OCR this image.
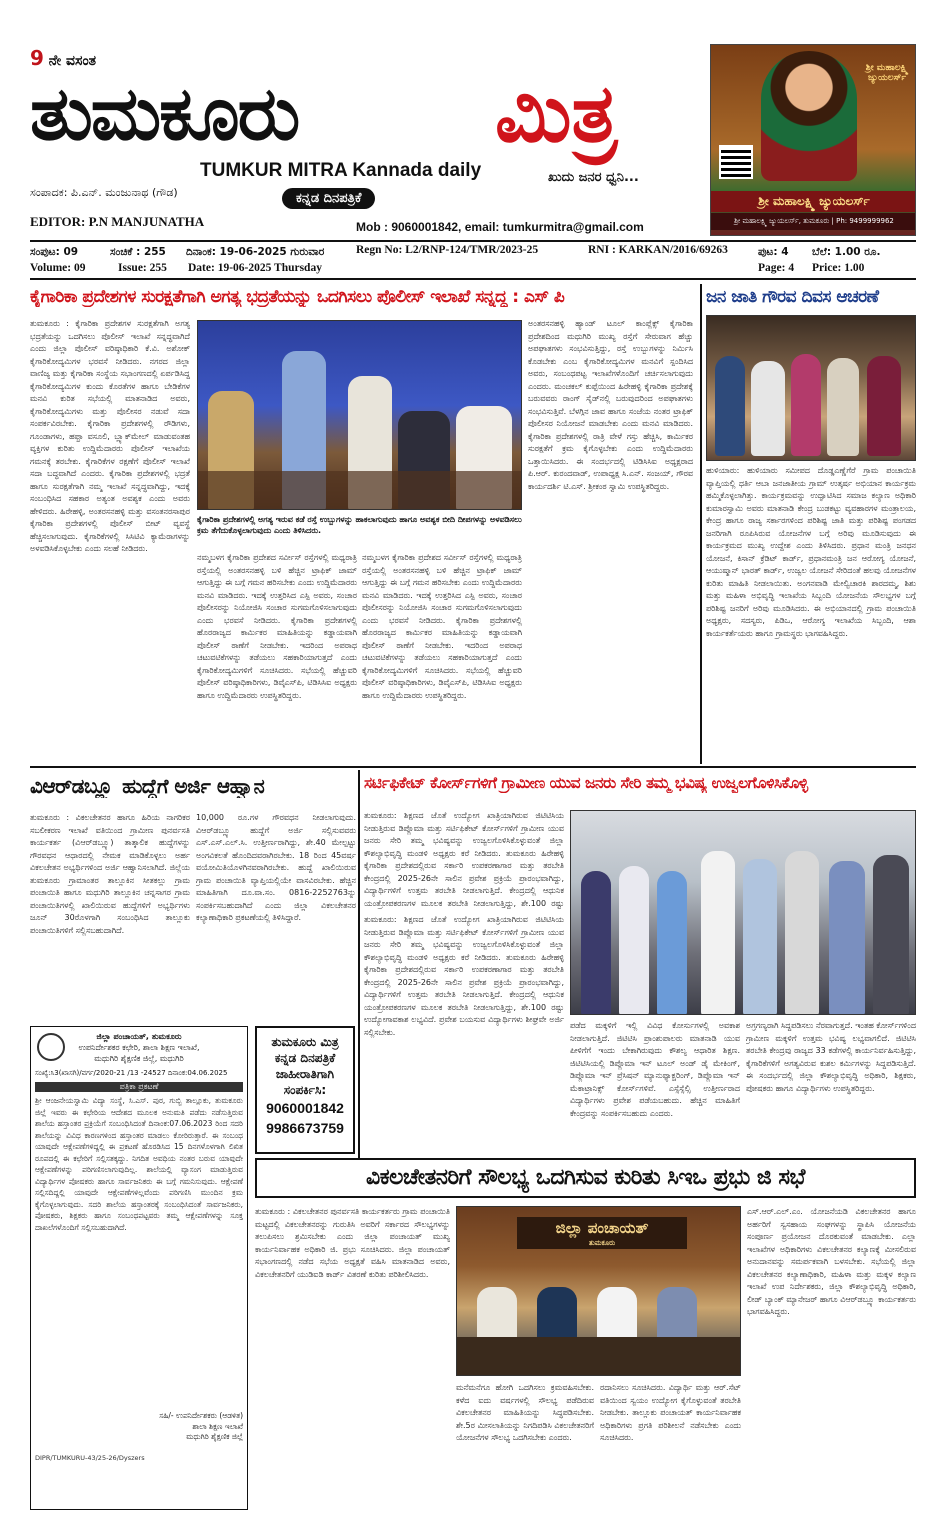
9 ನೇ ವಸಂತ
ತುಮಕೂರು	ಮಿತ್ರ
TUMKUR MITRA Kannada daily	ಖುದು ಜನರ ಧ್ವನಿ...
ಸಂಪಾದಕ: ಪಿ.ಎನ್. ಮಂಜುನಾಥ (ಗೌಡ)	ಕನ್ನಡ ದಿನಪತ್ರಿಕೆ
EDITOR: P.N MANJUNATHA	Mob : 9060001842, email: tumkurmitra@gmail.com
ಶ್ರೀ ಮಹಾಲಕ್ಷ್ಮಿ ಜ್ಯುಯಲರ್ಸ್
ಶ್ರೀ ಮಹಾಲಕ್ಷ್ಮಿ ಜ್ಯುಯಲರ್ಸ್
ಶ್ರೀ ಮಹಾಲಕ್ಷ್ಮಿ ಜ್ಯುಯಲರ್ಸ್, ತುಮಕೂರು | Ph: 9499999962
ಸಂಪುಟ: 09	ಸಂಚಿಕೆ : 255 ದಿನಾಂಕ: 19-06-2025 ಗುರುವಾರ	Regn No: L2/RNP-124/TMR/2023-25	RNI : KARKAN/2016/69263	ಪುಟ: 4 ಬೆಲೆ: 1.00 ರೂ.
Volume: 09	Issue: 255 Date: 19-06-2025 Thursday	Page: 4 Price: 1.00
ಕೈಗಾರಿಕಾ ಪ್ರದೇಶಗಳ ಸುರಕ್ಷತೆಗಾಗಿ ಅಗತ್ಯ ಭದ್ರತೆಯನ್ನು ಒದಗಿಸಲು ಪೊಲೀಸ್ ಇಲಾಖೆ ಸನ್ನದ್ಧ : ಎಸ್ ಪಿ
ತುಮಕೂರು : ಕೈಗಾರಿಕಾ ಪ್ರದೇಶಗಳ ಸುರಕ್ಷತೆಗಾಗಿ ಅಗತ್ಯ ಭದ್ರತೆಯನ್ನು ಒದಗಿಸಲು ಪೊಲೀಸ್ ಇಲಾಖೆ ಸನ್ನದ್ಧವಾಗಿದೆ ಎಂದು ಜಿಲ್ಲಾ ಪೊಲೀಸ್ ವರಿಷ್ಠಾಧಿಕಾರಿ ಕೆ.ವಿ. ಅಶೋಕ್ ಕೈಗಾರಿಕೋದ್ಯಮಿಗಳ ಭರವಸೆ ನೀಡಿದರು. ನಗರದ ಜಿಲ್ಲಾ ವಾಣಿಜ್ಯ ಮತ್ತು ಕೈಗಾರಿಕಾ ಸಂಸ್ಥೆಯ ಸಭಾಂಗಣದಲ್ಲಿ ಏರ್ಪಡಿಸಿದ್ದ ಕೈಗಾರಿಕೋದ್ಯಮಿಗಳ ಕುಂದು ಕೊರತೆಗಳ ಹಾಗೂ ಬೇಡಿಕೆಗಳ ಮನವಿ ಕುರಿತ ಸಭೆಯಲ್ಲಿ ಮಾತನಾಡಿದ ಅವರು, ಕೈಗಾರಿಕೋದ್ಯಮಿಗಳು ಮತ್ತು ಪೊಲೀಸರ ನಡುವೆ ಸದಾ ಸಂಪರ್ಕವಿರಬೇಕು. ಕೈಗಾರಿಕಾ ಪ್ರದೇಶಗಳಲ್ಲಿ ರೌಡಿಗಳು, ಗೂಂಡಾಗಳು, ಹಫ್ತಾ ವಸೂಲಿ, ಬ್ಲ್ಯಾಕ್‌ಮೇಲ್ ಮಾಡುವಂತಹ ವ್ಯಕ್ತಿಗಳ ಕುರಿತು ಉದ್ದಿಮೆದಾರರು ಪೊಲೀಸ್ ಇಲಾಖೆಯ ಗಮನಕ್ಕೆ ತರಬೇಕು. ಕೈಗಾರಿಕೆಗಳ ರಕ್ಷಣೆಗೆ ಪೊಲೀಸ್ ಇಲಾಖೆ ಸದಾ ಬದ್ಧವಾಗಿದೆ ಎಂದರು. ಕೈಗಾರಿಕಾ ಪ್ರದೇಶಗಳಲ್ಲಿ ಭದ್ರತೆ ಹಾಗೂ ಸುರಕ್ಷತೆಗಾಗಿ ನಮ್ಮ ಇಲಾಖೆ ಸನ್ನದ್ಧವಾಗಿದ್ದು, ಇದಕ್ಕೆ ಸಂಬಂಧಿಸಿದ ಸಹಕಾರ ಅತ್ಯಂತ ಅವಶ್ಯಕ ಎಂದು ಅವರು ಹೇಳಿದರು. ಹಿರೇಹಳ್ಳಿ, ಅಂತರಸನಹಳ್ಳಿ ಮತ್ತು ವಸಂತನರಸಾಪುರ ಕೈಗಾರಿಕಾ ಪ್ರದೇಶಗಳಲ್ಲಿ ಪೊಲೀಸ್ ಬೀಟ್ ವ್ಯವಸ್ಥೆ ಹೆಚ್ಚಿಸಲಾಗುವುದು. ಕೈಗಾರಿಕೆಗಳಲ್ಲಿ ಸಿಸಿಟಿವಿ ಕ್ಯಾಮೆರಾಗಳನ್ನು ಅಳವಡಿಸಿಕೊಳ್ಳಬೇಕು ಎಂದು ಸಲಹೆ ನೀಡಿದರು.
ಕೈಗಾರಿಕಾ ಪ್ರದೇಶಗಳಲ್ಲಿ ಅಗತ್ಯ ಇರುವ ಕಡೆ ರಸ್ತೆ ಉಬ್ಬುಗಳನ್ನು ಹಾಕಲಾಗುವುದು ಹಾಗೂ ಅವಶ್ಯಕ ಬೀದಿ ದೀಪಗಳನ್ನು ಅಳವಡಿಸಲು ಕ್ರಮ ತೆಗೆದುಕೊಳ್ಳಲಾಗುವುದು ಎಂದು ತಿಳಿಸಿದರು.
ನಮ್ಮಬಳಗ ಕೈಗಾರಿಕಾ ಪ್ರದೇಶದ ಸರ್ವೀಸ್ ರಸ್ತೆಗಳಲ್ಲಿ ಮಧ್ಯರಾತ್ರಿ ರಸ್ತೆಯಲ್ಲಿ ಅಂತರಸನಹಳ್ಳಿ ಬಳಿ ಹೆಚ್ಚಿನ ಟ್ರಾಫಿಕ್ ಜಾಮ್ ಆಗುತ್ತಿದ್ದು ಈ ಬಗ್ಗೆ ಗಮನ ಹರಿಸಬೇಕು ಎಂದು ಉದ್ದಿಮೆದಾರರು ಮನವಿ ಮಾಡಿದರು. ಇದಕ್ಕೆ ಉತ್ತರಿಸಿದ ಎಸ್ಪಿ ಅವರು, ಸಂಚಾರ ಪೊಲೀಸರನ್ನು ನಿಯೋಜಿಸಿ ಸಂಚಾರ ಸುಗಮಗೊಳಿಸಲಾಗುವುದು ಎಂದು ಭರವಸೆ ನೀಡಿದರು. ಕೈಗಾರಿಕಾ ಪ್ರದೇಶಗಳಲ್ಲಿ ಹೊರರಾಜ್ಯದ ಕಾರ್ಮಿಕರ ಮಾಹಿತಿಯನ್ನು ಕಡ್ಡಾಯವಾಗಿ ಪೊಲೀಸ್ ಠಾಣೆಗೆ ನೀಡಬೇಕು. ಇದರಿಂದ ಅಪರಾಧ ಚಟುವಟಿಕೆಗಳನ್ನು ತಡೆಯಲು ಸಹಕಾರಿಯಾಗುತ್ತದೆ ಎಂದು ಕೈಗಾರಿಕೋದ್ಯಮಿಗಳಿಗೆ ಸೂಚಿಸಿದರು. ಸಭೆಯಲ್ಲಿ ಹೆಚ್ಚುವರಿ ಪೊಲೀಸ್ ವರಿಷ್ಠಾಧಿಕಾರಿಗಳು, ಡಿವೈಎಸ್‌ಪಿ, ಟಿಡಿಸಿಸಿಐ ಅಧ್ಯಕ್ಷರು ಹಾಗೂ ಉದ್ದಿಮೆದಾರರು ಉಪಸ್ಥಿತರಿದ್ದರು.
ನಮ್ಮಬಳಗ ಕೈಗಾರಿಕಾ ಪ್ರದೇಶದ ಸರ್ವೀಸ್ ರಸ್ತೆಗಳಲ್ಲಿ ಮಧ್ಯರಾತ್ರಿ ರಸ್ತೆಯಲ್ಲಿ ಅಂತರಸನಹಳ್ಳಿ ಬಳಿ ಹೆಚ್ಚಿನ ಟ್ರಾಫಿಕ್ ಜಾಮ್ ಆಗುತ್ತಿದ್ದು ಈ ಬಗ್ಗೆ ಗಮನ ಹರಿಸಬೇಕು ಎಂದು ಉದ್ದಿಮೆದಾರರು ಮನವಿ ಮಾಡಿದರು. ಇದಕ್ಕೆ ಉತ್ತರಿಸಿದ ಎಸ್ಪಿ ಅವರು, ಸಂಚಾರ ಪೊಲೀಸರನ್ನು ನಿಯೋಜಿಸಿ ಸಂಚಾರ ಸುಗಮಗೊಳಿಸಲಾಗುವುದು ಎಂದು ಭರವಸೆ ನೀಡಿದರು. ಕೈಗಾರಿಕಾ ಪ್ರದೇಶಗಳಲ್ಲಿ ಹೊರರಾಜ್ಯದ ಕಾರ್ಮಿಕರ ಮಾಹಿತಿಯನ್ನು ಕಡ್ಡಾಯವಾಗಿ ಪೊಲೀಸ್ ಠಾಣೆಗೆ ನೀಡಬೇಕು. ಇದರಿಂದ ಅಪರಾಧ ಚಟುವಟಿಕೆಗಳನ್ನು ತಡೆಯಲು ಸಹಕಾರಿಯಾಗುತ್ತದೆ ಎಂದು ಕೈಗಾರಿಕೋದ್ಯಮಿಗಳಿಗೆ ಸೂಚಿಸಿದರು. ಸಭೆಯಲ್ಲಿ ಹೆಚ್ಚುವರಿ ಪೊಲೀಸ್ ವರಿಷ್ಠಾಧಿಕಾರಿಗಳು, ಡಿವೈಎಸ್‌ಪಿ, ಟಿಡಿಸಿಸಿಐ ಅಧ್ಯಕ್ಷರು ಹಾಗೂ ಉದ್ದಿಮೆದಾರರು ಉಪಸ್ಥಿತರಿದ್ದರು.
ಅಂತರಸನಹಳ್ಳಿ ಹ್ಯಾಂಡ್ ಟೂಲ್ ಕಾಂಪ್ಲೆಕ್ಸ್ ಕೈಗಾರಿಕಾ ಪ್ರದೇಶದಿಂದ ಮಧುಗಿರಿ ಮುಖ್ಯ ರಸ್ತೆಗೆ ಸೇರುವಾಗ ಹೆಚ್ಚು ಅಪಘಾತಗಳು ಸಂಭವಿಸುತ್ತಿದ್ದು, ರಸ್ತೆ ಉಬ್ಬುಗಳನ್ನು ನಿರ್ಮಿಸಿ ಕೊಡಬೇಕು ಎಂಬ ಕೈಗಾರಿಕೋದ್ಯಮಿಗಳ ಮನವಿಗೆ ಸ್ಪಂದಿಸಿದ ಅವರು, ಸಂಬಂಧಪಟ್ಟ ಇಲಾಖೆಗಳೊಂದಿಗೆ ಚರ್ಚಿಸಲಾಗುವುದು ಎಂದರು. ಮಂಚಕಲ್ ಕುಪ್ಪೆಯಿಂದ ಹಿರೇಹಳ್ಳಿ ಕೈಗಾರಿಕಾ ಪ್ರದೇಶಕ್ಕೆ ಬರುವವರು ರಾಂಗ್ ಸೈಡ್‌ನಲ್ಲಿ ಬರುವುದರಿಂದ ಅಪಘಾತಗಳು ಸಂಭವಿಸುತ್ತಿವೆ. ಬೆಳಗ್ಗಿನ ಜಾವ ಹಾಗೂ ಸಂಜೆಯ ನಂತರ ಟ್ರಾಫಿಕ್ ಪೊಲೀಸರ ನಿಯೋಜನೆ ಮಾಡಬೇಕು ಎಂದು ಮನವಿ ಮಾಡಿದರು. ಕೈಗಾರಿಕಾ ಪ್ರದೇಶಗಳಲ್ಲಿ ರಾತ್ರಿ ವೇಳೆ ಗಸ್ತು ಹೆಚ್ಚಿಸಿ, ಕಾರ್ಮಿಕರ ಸುರಕ್ಷತೆಗೆ ಕ್ರಮ ಕೈಗೊಳ್ಳಬೇಕು ಎಂದು ಉದ್ದಿಮೆದಾರರು ಒತ್ತಾಯಿಸಿದರು. ಈ ಸಂದರ್ಭದಲ್ಲಿ ಟಿಡಿಸಿಸಿಐ ಅಧ್ಯಕ್ಷರಾದ ಪಿ.ಆರ್. ಕುರಂದವಾಡ್, ಉಪಾಧ್ಯಕ್ಷ ಸಿ.ಎನ್. ಸಂಜಯ್, ಗೌರವ ಕಾರ್ಯದರ್ಶಿ ಟಿ.ಎಸ್. ಶ್ರೀಕಂಠ ಸ್ವಾಮಿ ಉಪಸ್ಥಿತರಿದ್ದರು.
ಜನ ಜಾತಿ ಗೌರವ ದಿವಸ ಆಚರಣೆ
ಹುಳಿಯಾರು: ಹುಳಿಯಾರು ಸಮೀಪದ ದೊಡ್ಡಎಣ್ಣೆಗೆರೆ ಗ್ರಾಮ ಪಂಚಾಯಿತಿ ವ್ಯಾಪ್ತಿಯಲ್ಲಿ ಧರ್ತಿ ಆಬಾ ಜನಜಾತೀಯ ಗ್ರಾಮ್ ಉತ್ಕರ್ಷ ಅಭಿಯಾನ ಕಾರ್ಯಕ್ರಮ ಹಮ್ಮಿಕೊಳ್ಳಲಾಗಿತ್ತು. ಕಾರ್ಯಕ್ರಮವನ್ನು ಉದ್ಘಾಟಿಸಿದ ಸಮಾಜ ಕಲ್ಯಾಣ ಅಧಿಕಾರಿ ಕುಮಾರಸ್ವಾಮಿ ಅವರು ಮಾತನಾಡಿ ಕೇಂದ್ರ ಬುಡಕಟ್ಟು ವ್ಯವಹಾರಗಳ ಮಂತ್ರಾಲಯ, ಕೇಂದ್ರ ಹಾಗೂ ರಾಜ್ಯ ಸರ್ಕಾರಗಳಿಂದ ಪರಿಶಿಷ್ಟ ಜಾತಿ ಮತ್ತು ಪರಿಶಿಷ್ಟ ಪಂಗಡದ ಜನರಿಗಾಗಿ ರೂಪಿಸಿರುವ ಯೋಜನೆಗಳ ಬಗ್ಗೆ ಅರಿವು ಮೂಡಿಸುವುದು ಈ ಕಾರ್ಯಕ್ರಮದ ಮುಖ್ಯ ಉದ್ದೇಶ ಎಂದು ತಿಳಿಸಿದರು. ಪ್ರಧಾನ ಮಂತ್ರಿ ಜನಧನ ಯೋಜನೆ, ಕಿಸಾನ್ ಕ್ರೆಡಿಟ್ ಕಾರ್ಡ್, ಪ್ರಧಾನಮಂತ್ರಿ ಜನ ಆರೋಗ್ಯ ಯೋಜನೆ, ಆಯುಷ್ಮಾನ್ ಭಾರತ್ ಕಾರ್ಡ್, ಉಜ್ವಲ ಯೋಜನೆ ಸೇರಿದಂತೆ ಹಲವು ಯೋಜನೆಗಳ ಕುರಿತು ಮಾಹಿತಿ ನೀಡಲಾಯಿತು. ಅಂಗನವಾಡಿ ಮೇಲ್ವಿಚಾರಕಿ ಶಾರದಮ್ಮ, ಶಿಶು ಮತ್ತು ಮಹಿಳಾ ಅಭಿವೃದ್ಧಿ ಇಲಾಖೆಯ ಸಿಬ್ಬಂದಿ ಯೋಜನೆಯ ಸೌಲಭ್ಯಗಳ ಬಗ್ಗೆ ಪರಿಶಿಷ್ಟ ಜನರಿಗೆ ಅರಿವು ಮೂಡಿಸಿದರು. ಈ ಅಭಿಯಾನದಲ್ಲಿ ಗ್ರಾಮ ಪಂಚಾಯಿತಿ ಅಧ್ಯಕ್ಷರು, ಸದಸ್ಯರು, ಪಿಡಿಒ, ಆರೋಗ್ಯ ಇಲಾಖೆಯ ಸಿಬ್ಬಂದಿ, ಆಶಾ ಕಾರ್ಯಕರ್ತೆಯರು ಹಾಗೂ ಗ್ರಾಮಸ್ಥರು ಭಾಗವಹಿಸಿದ್ದರು.
ವಿಆರ್‌ಡಬ್ಲ್ಯೂ ಹುದ್ದೆಗೆ ಅರ್ಜಿ ಆಹ್ವಾನ
ತುಮಕೂರು : ವಿಕಲಚೇತನರ ಹಾಗೂ ಹಿರಿಯ ನಾಗರಿಕರ ಸಬಲೀಕರಣ ಇಲಾಖೆ ವತಿಯಿಂದ ಗ್ರಾಮೀಣ ಪುನರ್ವಸತಿ ಕಾರ್ಯಕರ್ತ (ವಿಆರ್‌ಡಬ್ಲ್ಯೂ) ತಾತ್ಕಾಲಿಕ ಹುದ್ದೆಗಳನ್ನು ಗೌರವಧನ ಆಧಾರದಲ್ಲಿ ನೇಮಕ ಮಾಡಿಕೊಳ್ಳಲು ಅರ್ಹ ವಿಕಲಚೇತನ ಅಭ್ಯರ್ಥಿಗಳಿಂದ ಅರ್ಜಿ ಆಹ್ವಾನಿಸಲಾಗಿದೆ. ಜಿಲ್ಲೆಯ ತುಮಕೂರು ಗ್ರಾಮಾಂತರ ತಾಲ್ಲೂಕಿನ ಸೀತಕಲ್ಲು ಗ್ರಾಮ ಪಂಚಾಯಿತಿ ಹಾಗೂ ಮಧುಗಿರಿ ತಾಲ್ಲೂಕಿನ ಚನ್ನಸಾಗರ ಗ್ರಾಮ ಪಂಚಾಯಿತಿಗಳಲ್ಲಿ ಖಾಲಿಯಿರುವ ಹುದ್ದೆಗಳಿಗೆ ಅಭ್ಯರ್ಥಿಗಳು ಜೂನ್ 30ರೊಳಗಾಗಿ ಸಂಬಂಧಿಸಿದ ತಾಲ್ಲೂಕು ಪಂಚಾಯಿತಿಗಳಿಗೆ ಸಲ್ಲಿಸಬಹುದಾಗಿದೆ.
10,000 ರೂ.ಗಳ ಗೌರವಧನ ನೀಡಲಾಗುವುದು. ವಿಆರ್‌ಡಬ್ಲ್ಯೂ ಹುದ್ದೆಗೆ ಅರ್ಜಿ ಸಲ್ಲಿಸುವವರು ಎಸ್.ಎಸ್.ಎಲ್.ಸಿ. ಉತ್ತೀರ್ಣರಾಗಿದ್ದು, ಶೇ.40 ಮೇಲ್ಪಟ್ಟು ಅಂಗವಿಕಲತೆ ಹೊಂದಿದವರಾಗಿರಬೇಕು. 18 ರಿಂದ 45ವರ್ಷ ವಯೋಮಿತಿಯೊಳಗಿನವರಾಗಿರಬೇಕು. ಹುದ್ದೆ ಖಾಲಿಯಿರುವ ಗ್ರಾಮ ಪಂಚಾಯಿತಿ ವ್ಯಾಪ್ತಿಯಲ್ಲಿಯೇ ವಾಸವಿರಬೇಕು. ಹೆಚ್ಚಿನ ಮಾಹಿತಿಗಾಗಿ ದೂ.ವಾ.ಸಂ. 0816-2252763ನ್ನು ಸಂಪರ್ಕಿಸಬಹುದಾಗಿದೆ ಎಂದು ಜಿಲ್ಲಾ ವಿಕಲಚೇತನರ ಕಲ್ಯಾಣಾಧಿಕಾರಿ ಪ್ರಕಟಣೆಯಲ್ಲಿ ತಿಳಿಸಿದ್ದಾರೆ.
ಜಿಲ್ಲಾ ಪಂಚಾಯತ್, ತುಮಕೂರು
ಉಪನಿರ್ದೇಶಕರ ಕಛೇರಿ, ಶಾಲಾ ಶಿಕ್ಷಣ ಇಲಾಖೆ,
ಮಧುಗಿರಿ ಶೈಕ್ಷಣಿಕ ಜಿಲ್ಲೆ, ಮಧುಗಿರಿ
ಸಂಖ್ಯೆ:ಸಿ3(ಖಾಸಗಿ)/ವರ್ಗ/2020-21 /13 -24527 ದಿನಾಂಕ:04.06.2025
ಪತ್ರಿಕಾ ಪ್ರಕಟಣೆ
ಶ್ರೀ ಆಂಜನೇಯಸ್ವಾಮಿ ವಿದ್ಯಾ ಸಂಸ್ಥೆ, ಸಿ.ಎಸ್. ಪುರ, ಗುಬ್ಬಿ ತಾಲ್ಲೂಕು, ತುಮಕೂರು ಜಿಲ್ಲೆ ಇವರು ಈ ಕಛೇರಿಯ ಆದೇಶದ ಮೂಲಕ ಅನುಮತಿ ಪಡೆದು ನಡೆಸುತ್ತಿರುವ ಶಾಲೆಯ ಹಸ್ತಾಂತರ ಪ್ರಕ್ರಿಯೆಗೆ ಸಂಬಂಧಿಸಿದಂತೆ ದಿನಾಂಕ:07.06.2023 ರಿಂದ ಸದರಿ ಶಾಲೆಯನ್ನು ವಿವಿಧ ಕಾರಣಗಳಿಂದ ಹಸ್ತಾಂತರ ಮಾಡಲು ಕೋರಿರುತ್ತಾರೆ. ಈ ಸಂಬಂಧ ಯಾವುದೇ ಆಕ್ಷೇಪಣೆಗಳಿದ್ದಲ್ಲಿ ಈ ಪ್ರಕಟಣೆ ಹೊರಡಿಸಿದ 15 ದಿನಗಳೊಳಗಾಗಿ ಲಿಖಿತ ರೂಪದಲ್ಲಿ ಈ ಕಛೇರಿಗೆ ಸಲ್ಲಿಸತಕ್ಕದ್ದು. ನಿಗದಿತ ಅವಧಿಯ ನಂತರ ಬರುವ ಯಾವುದೇ ಆಕ್ಷೇಪಣೆಗಳನ್ನು ಪರಿಗಣಿಸಲಾಗುವುದಿಲ್ಲ. ಶಾಲೆಯಲ್ಲಿ ವ್ಯಾಸಂಗ ಮಾಡುತ್ತಿರುವ ವಿದ್ಯಾರ್ಥಿಗಳ ಪೋಷಕರು ಹಾಗೂ ಸಾರ್ವಜನಿಕರು ಈ ಬಗ್ಗೆ ಗಮನಿಸುವುದು. ಆಕ್ಷೇಪಣೆ ಸಲ್ಲಿಸದಿದ್ದಲ್ಲಿ ಯಾವುದೇ ಆಕ್ಷೇಪಣೆಗಳಿಲ್ಲವೆಂದು ಪರಿಗಣಿಸಿ ಮುಂದಿನ ಕ್ರಮ ಕೈಗೊಳ್ಳಲಾಗುವುದು. ಸದರಿ ಶಾಲೆಯ ಹಸ್ತಾಂತರಕ್ಕೆ ಸಂಬಂಧಿಸಿದಂತೆ ಸಾರ್ವಜನಿಕರು, ಪೋಷಕರು, ಶಿಕ್ಷಕರು ಹಾಗೂ ಸಂಬಂಧಪಟ್ಟವರು ತಮ್ಮ ಆಕ್ಷೇಪಣೆಗಳನ್ನು ಸೂಕ್ತ ದಾಖಲೆಗಳೊಂದಿಗೆ ಸಲ್ಲಿಸಬಹುದಾಗಿದೆ.
ಸಹಿ/- ಉಪನಿರ್ದೇಶಕರು (ಆಡಳಿತ)
ಶಾಲಾ ಶಿಕ್ಷಣ ಇಲಾಖೆ
ಮಧುಗಿರಿ ಶೈಕ್ಷಣಿಕ ಜಿಲ್ಲೆ
DIPR/TUMKURU-43/25-26/Dyszers
ತುಮಕೂರು ಮಿತ್ರ
ಕನ್ನಡ ದಿನಪತ್ರಿಕೆ
ಜಾಹೀರಾತಿಗಾಗಿ
ಸಂಪರ್ಕಿಸಿ:
9060001842
9986673759
ಸರ್ಟಿಫಿಕೇಟ್ ಕೋರ್ಸ್‌ಗಳಿಗೆ ಗ್ರಾಮೀಣ ಯುವ ಜನರು ಸೇರಿ ತಮ್ಮ ಭವಿಷ್ಯ ಉಜ್ವಲಗೊಳಿಸಿಕೊಳ್ಳಿ
ತುಮಕೂರು: ಶಿಕ್ಷಣದ ಜೊತೆ ಉದ್ಯೋಗ ಖಾತ್ರಿಯಾಗಿರುವ ಜಿಟಿಟಿಸಿಯ ನೀಡುತ್ತಿರುವ ಡಿಪ್ಲೊಮಾ ಮತ್ತು ಸರ್ಟಿಫಿಕೇಟ್ ಕೋರ್ಸ್‌ಗಳಿಗೆ ಗ್ರಾಮೀಣ ಯುವ ಜನರು ಸೇರಿ ತಮ್ಮ ಭವಿಷ್ಯವನ್ನು ಉಜ್ವಲಗೊಳಿಸಿಕೊಳ್ಳುವಂತೆ ಜಿಲ್ಲಾ ಕೌಶಲ್ಯಾಭಿವೃದ್ಧಿ ಮಂಡಳಿ ಅಧ್ಯಕ್ಷರು ಕರೆ ನೀಡಿದರು. ತುಮಕೂರು ಹಿರೇಹಳ್ಳಿ ಕೈಗಾರಿಕಾ ಪ್ರದೇಶದಲ್ಲಿರುವ ಸರ್ಕಾರಿ ಉಪಕರಣಾಗಾರ ಮತ್ತು ತರಬೇತಿ ಕೇಂದ್ರದಲ್ಲಿ 2025-26ನೇ ಸಾಲಿನ ಪ್ರವೇಶ ಪ್ರಕ್ರಿಯೆ ಪ್ರಾರಂಭವಾಗಿದ್ದು, ವಿದ್ಯಾರ್ಥಿಗಳಿಗೆ ಉತ್ತಮ ತರಬೇತಿ ನೀಡಲಾಗುತ್ತಿದೆ. ಕೇಂದ್ರದಲ್ಲಿ ಆಧುನಿಕ ಯಂತ್ರೋಪಕರಣಗಳ ಮೂಲಕ ತರಬೇತಿ ನೀಡಲಾಗುತ್ತಿದ್ದು, ಶೇ.100 ರಷ್ಟು
ತುಮಕೂರು: ಶಿಕ್ಷಣದ ಜೊತೆ ಉದ್ಯೋಗ ಖಾತ್ರಿಯಾಗಿರುವ ಜಿಟಿಟಿಸಿಯ ನೀಡುತ್ತಿರುವ ಡಿಪ್ಲೊಮಾ ಮತ್ತು ಸರ್ಟಿಫಿಕೇಟ್ ಕೋರ್ಸ್‌ಗಳಿಗೆ ಗ್ರಾಮೀಣ ಯುವ ಜನರು ಸೇರಿ ತಮ್ಮ ಭವಿಷ್ಯವನ್ನು ಉಜ್ವಲಗೊಳಿಸಿಕೊಳ್ಳುವಂತೆ ಜಿಲ್ಲಾ ಕೌಶಲ್ಯಾಭಿವೃದ್ಧಿ ಮಂಡಳಿ ಅಧ್ಯಕ್ಷರು ಕರೆ ನೀಡಿದರು. ತುಮಕೂರು ಹಿರೇಹಳ್ಳಿ ಕೈಗಾರಿಕಾ ಪ್ರದೇಶದಲ್ಲಿರುವ ಸರ್ಕಾರಿ ಉಪಕರಣಾಗಾರ ಮತ್ತು ತರಬೇತಿ ಕೇಂದ್ರದಲ್ಲಿ 2025-26ನೇ ಸಾಲಿನ ಪ್ರವೇಶ ಪ್ರಕ್ರಿಯೆ ಪ್ರಾರಂಭವಾಗಿದ್ದು, ವಿದ್ಯಾರ್ಥಿಗಳಿಗೆ ಉತ್ತಮ ತರಬೇತಿ ನೀಡಲಾಗುತ್ತಿದೆ. ಕೇಂದ್ರದಲ್ಲಿ ಆಧುನಿಕ ಯಂತ್ರೋಪಕರಣಗಳ ಮೂಲಕ ತರಬೇತಿ ನೀಡಲಾಗುತ್ತಿದ್ದು, ಶೇ.100 ರಷ್ಟು ಉದ್ಯೋಗಾವಕಾಶ ಲಭ್ಯವಿದೆ. ಪ್ರವೇಶ ಬಯಸುವ ವಿದ್ಯಾರ್ಥಿಗಳು ಶೀಘ್ರವೇ ಅರ್ಜಿ ಸಲ್ಲಿಸಬೇಕು.
ಪಡೆದ ಮಕ್ಕಳಿಗೆ ಇಲ್ಲಿ ವಿವಿಧ ಕೋರ್ಸುಗಳಲ್ಲಿ ಅವಕಾಶ ನೀಡಲಾಗುತ್ತಿದೆ. ಜಿಟಿಟಿಸಿ ಪ್ರಾಂಶುಪಾಲರು ಮಾತನಾಡಿ ಯುವ ಪೀಳಿಗೆಗೆ ಇಂದು ಬೇಕಾಗಿರುವುದು ಕೌಶಲ್ಯ ಆಧಾರಿತ ಶಿಕ್ಷಣ. ಜಿಟಿಟಿಸಿಯಲ್ಲಿ ಡಿಪ್ಲೊಮಾ ಇನ್ ಟೂಲ್ ಅಂಡ್ ಡೈ ಮೇಕಿಂಗ್, ಡಿಪ್ಲೊಮಾ ಇನ್ ಪ್ರೆಸಿಷನ್ ಮ್ಯಾನುಫ್ಯಾಕ್ಚರಿಂಗ್, ಡಿಪ್ಲೊಮಾ ಇನ್ ಮೆಕಾಟ್ರಾನಿಕ್ಸ್ ಕೋರ್ಸ್‌ಗಳಿವೆ. ಎಸ್ಸೆಸ್ಸೆಲ್ಸಿ ಉತ್ತೀರ್ಣರಾದ ವಿದ್ಯಾರ್ಥಿಗಳು ಪ್ರವೇಶ ಪಡೆಯಬಹುದು. ಹೆಚ್ಚಿನ ಮಾಹಿತಿಗೆ ಕೇಂದ್ರವನ್ನು ಸಂಪರ್ಕಿಸಬಹುದು ಎಂದರು.
ಅಗ್ರಗಣ್ಯರಾಗಿ ಸಿದ್ದಪಡಿಸಲು ನೆರವಾಗುತ್ತದೆ. ಇಂತಹ ಕೋರ್ಸ್‌ಗಳಿಂದ ಗ್ರಾಮೀಣ ಮಕ್ಕಳಿಗೆ ಉತ್ತಮ ಭವಿಷ್ಯ ಲಭ್ಯವಾಗಲಿದೆ. ಜಿಟಿಟಿಸಿ ತರಬೇತಿ ಕೇಂದ್ರವು ರಾಜ್ಯದ 33 ಕಡೆಗಳಲ್ಲಿ ಕಾರ್ಯನಿರ್ವಹಿಸುತ್ತಿದ್ದು, ಕೈಗಾರಿಕೆಗಳಿಗೆ ಅಗತ್ಯವಿರುವ ಕುಶಲ ಕರ್ಮಿಗಳನ್ನು ಸಿದ್ದಪಡಿಸುತ್ತಿದೆ. ಈ ಸಂದರ್ಭದಲ್ಲಿ ಜಿಲ್ಲಾ ಕೌಶಲ್ಯಾಭಿವೃದ್ಧಿ ಅಧಿಕಾರಿ, ಶಿಕ್ಷಕರು, ಪೋಷಕರು ಹಾಗೂ ವಿದ್ಯಾರ್ಥಿಗಳು ಉಪಸ್ಥಿತರಿದ್ದರು.
ವಿಕಲಚೇತನರಿಗೆ ಸೌಲಭ್ಯ ಒದಗಿಸುವ ಕುರಿತು ಸಿಇಒ ಪ್ರಭು ಜಿ ಸಭೆ
ತುಮಕೂರು : ವಿಕಲಚೇತನರ ಪುನರ್ವಸತಿ ಕಾರ್ಯಕರ್ತರು ಗ್ರಾಮ ಪಂಚಾಯಿತಿ ಮಟ್ಟದಲ್ಲಿ ವಿಕಲಚೇತನರನ್ನು ಗುರುತಿಸಿ ಅವರಿಗೆ ಸರ್ಕಾರದ ಸೌಲಭ್ಯಗಳನ್ನು ತಲುಪಿಸಲು ಶ್ರಮಿಸಬೇಕು ಎಂದು ಜಿಲ್ಲಾ ಪಂಚಾಯತ್ ಮುಖ್ಯ ಕಾರ್ಯನಿರ್ವಾಹಕ ಅಧಿಕಾರಿ ಜಿ. ಪ್ರಭು ಸೂಚಿಸಿದರು. ಜಿಲ್ಲಾ ಪಂಚಾಯತ್ ಸಭಾಂಗಣದಲ್ಲಿ ನಡೆದ ಸಭೆಯ ಅಧ್ಯಕ್ಷತೆ ವಹಿಸಿ ಮಾತನಾಡಿದ ಅವರು, ವಿಕಲಚೇತನರಿಗೆ ಯುಡಿಐಡಿ ಕಾರ್ಡ್ ವಿತರಣೆ ಕುರಿತು ಪರಿಶೀಲಿಸಿದರು.
ಜಿಲ್ಲಾ ಪಂಚಾಯತ್
ತುಮಕೂರು
ಮನೆಮನೆಗೂ ಹೋಗಿ ಒದಗಿಸಲು ಕ್ರಮವಹಿಸಬೇಕು. ಕಳೆದ ಐದು ವರ್ಷಗಳಲ್ಲಿ ಸೌಲಭ್ಯ ಪಡೆದಿರುವ ವಿಕಲಚೇತನರ ಮಾಹಿತಿಯನ್ನು ಸಿದ್ಧಪಡಿಸಬೇಕು. ಶೇ.5ರ ಮೀಸಲಾತಿಯನ್ನು ನಿಗದಿಪಡಿಸಿ ವಿಕಲಚೇತನರಿಗೆ ಯೋಜನೆಗಳ ಸೌಲಭ್ಯ ಒದಗಿಸಬೇಕು ಎಂದರು.
ರದಾನಿಸಲು ಸೂಚಿಸಿದರು. ವಿದ್ಯಾರ್ಥಿ ಮತ್ತು ಆರ್.ಸೆಟ್ ವತಿಯಿಂದ ಸ್ವಯಂ ಉದ್ಯೋಗ ಕೈಗೊಳ್ಳುವಂತೆ ತರಬೇತಿ ನೀಡಬೇಕು. ತಾಲ್ಲೂಕು ಪಂಚಾಯತ್ ಕಾರ್ಯನಿರ್ವಾಹಕ ಅಧಿಕಾರಿಗಳು ಪ್ರಗತಿ ಪರಿಶೀಲನೆ ನಡೆಸಬೇಕು ಎಂದು ಸೂಚಿಸಿದರು.
ಎಸ್.ಆರ್.ಎಲ್.ಎಂ. ಯೋಜನೆಯಡಿ ವಿಕಲಚೇತನರ ಹಾಗೂ ಅರ್ಹರಿಗೆ ಸ್ವಸಹಾಯ ಸಂಘಗಳನ್ನು ಸ್ಥಾಪಿಸಿ ಯೋಜನೆಯ ಸಂಪೂರ್ಣ ಪ್ರಯೋಜನ ದೊರಕುವಂತೆ ಮಾಡಬೇಕು. ಎಲ್ಲಾ ಇಲಾಖೆಗಳ ಅಧಿಕಾರಿಗಳು ವಿಕಲಚೇತನರ ಕಲ್ಯಾಣಕ್ಕೆ ಮೀಸಲಿರುವ ಅನುದಾನವನ್ನು ಸಮರ್ಪಕವಾಗಿ ಬಳಸಬೇಕು. ಸಭೆಯಲ್ಲಿ ಜಿಲ್ಲಾ ವಿಕಲಚೇತನರ ಕಲ್ಯಾಣಾಧಿಕಾರಿ, ಮಹಿಳಾ ಮತ್ತು ಮಕ್ಕಳ ಕಲ್ಯಾಣ ಇಲಾಖೆ ಉಪ ನಿರ್ದೇಶಕರು, ಜಿಲ್ಲಾ ಕೌಶಲ್ಯಾಭಿವೃದ್ಧಿ ಅಧಿಕಾರಿ, ಲೀಡ್ ಬ್ಯಾಂಕ್ ಮ್ಯಾನೇಜರ್ ಹಾಗೂ ವಿಆರ್‌ಡಬ್ಲ್ಯೂ ಕಾರ್ಯಕರ್ತರು ಭಾಗವಹಿಸಿದ್ದರು.
